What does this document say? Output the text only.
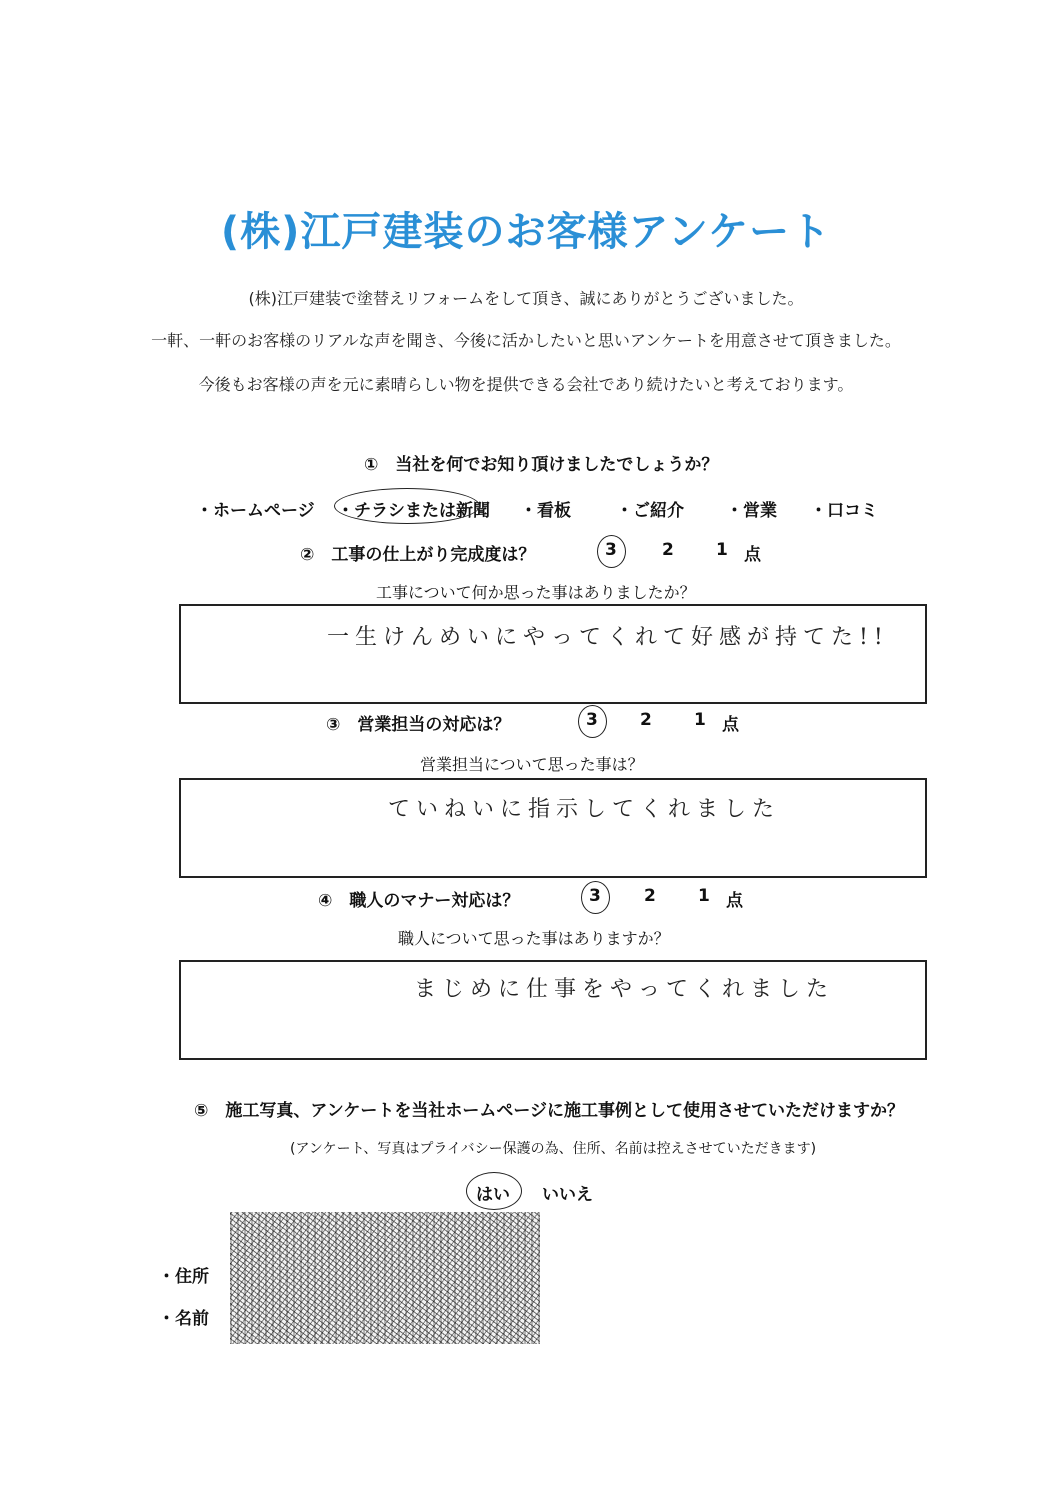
(株)江戸建装のお客様アンケート
(株)江戸建装で塗替えリフォームをして頂き、誠にありがとうございました。
一軒、一軒のお客様のリアルな声を聞き、今後に活かしたいと思いアンケートを用意させて頂きました。
今後もお客様の声を元に素晴らしい物を提供できる会社であり続けたいと考えております。
①　当社を何でお知り頂けましたでしょうか？
・ホームページ ・チラシまたは新聞 ・看板	・ご紹介 ・営業 ・口コミ
②　工事の仕上がり完成度は？	3	2 1 点
工事について何か思った事はありましたか？
一生けんめいにやってくれて好感が持てた!!
③　営業担当の対応は？	3 2 1 点
営業担当について思った事は？
ていねいに指示してくれました
④　職人のマナー対応は？	3	2 1 点
職人について思った事はありますか？
まじめに仕事をやってくれました
⑤　施工写真、アンケートを当社ホームページに施工事例として使用させていただけますか？
(アンケート、写真はプライバシー保護の為、住所、名前は控えさせていただきます)
はい いいえ
・住所
・名前
